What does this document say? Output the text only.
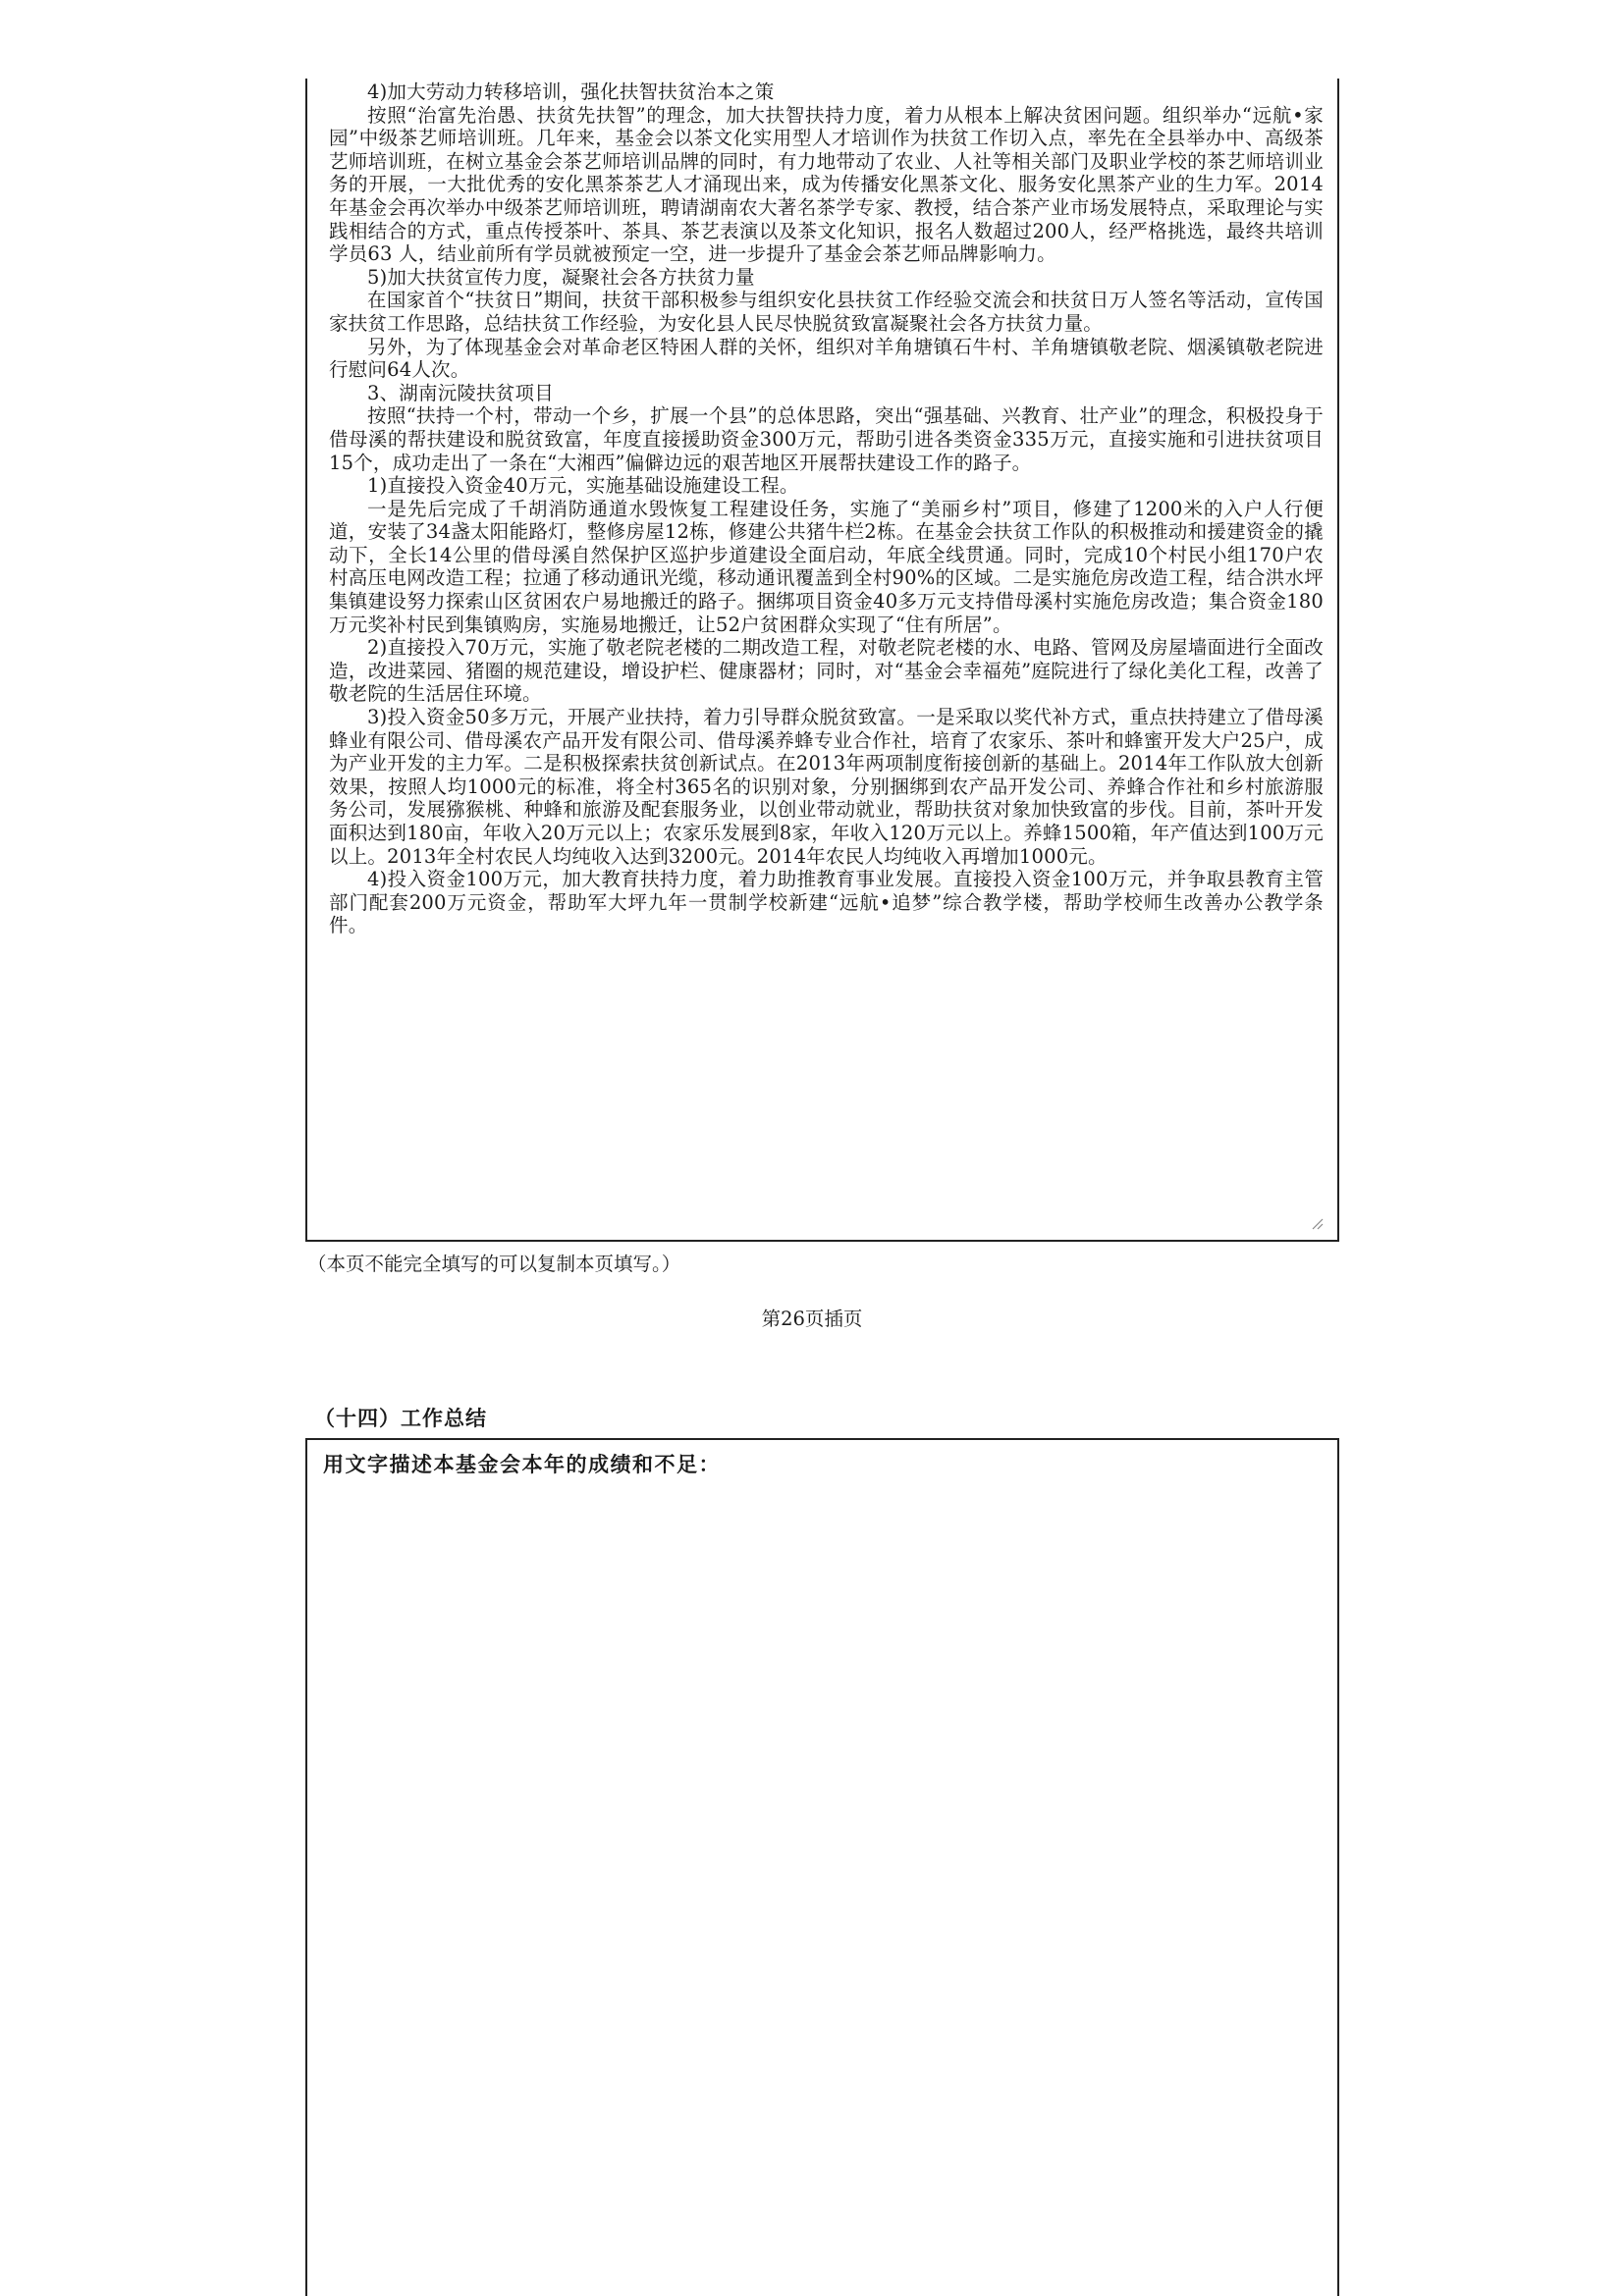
4)加大劳动力转移培训，强化扶智扶贫治本之策

按照“治富先治愚、扶贫先扶智”的理念，加大扶智扶持力度，着力从根本上解决贫困问题。组织举办“远航•家园”中级茶艺师培训班。几年来，基金会以茶文化实用型人才培训作为扶贫工作切入点，率先在全县举办中、高级茶艺师培训班，在树立基金会茶艺师培训品牌的同时，有力地带动了农业、人社等相关部门及职业学校的茶艺师培训业务的开展，一大批优秀的安化黑茶茶艺人才涌现出来，成为传播安化黑茶文化、服务安化黑茶产业的生力军。2014年基金会再次举办中级茶艺师培训班，聘请湖南农大著名茶学专家、教授，结合茶产业市场发展特点，采取理论与实践相结合的方式，重点传授茶叶、茶具、茶艺表演以及茶文化知识，报名人数超过200人，经严格挑选，最终共培训学员63 人，结业前所有学员就被预定一空，进一步提升了基金会茶艺师品牌影响力。

5)加大扶贫宣传力度，凝聚社会各方扶贫力量

在国家首个“扶贫日”期间，扶贫干部积极参与组织安化县扶贫工作经验交流会和扶贫日万人签名等活动，宣传国家扶贫工作思路，总结扶贫工作经验，为安化县人民尽快脱贫致富凝聚社会各方扶贫力量。

另外，为了体现基金会对革命老区特困人群的关怀，组织对羊角塘镇石牛村、羊角塘镇敬老院、烟溪镇敬老院进行慰问64人次。

3、湖南沅陵扶贫项目

按照“扶持一个村，带动一个乡，扩展一个县”的总体思路，突出“强基础、兴教育、壮产业”的理念，积极投身于借母溪的帮扶建设和脱贫致富，年度直接援助资金300万元，帮助引进各类资金335万元，直接实施和引进扶贫项目15个，成功走出了一条在“大湘西”偏僻边远的艰苦地区开展帮扶建设工作的路子。

1)直接投入资金40万元，实施基础设施建设工程。

一是先后完成了千胡消防通道水毁恢复工程建设任务，实施了“美丽乡村”项目，修建了1200米的入户人行便道，安装了34盏太阳能路灯，整修房屋12栋，修建公共猪牛栏2栋。在基金会扶贫工作队的积极推动和援建资金的撬动下，全长14公里的借母溪自然保护区巡护步道建设全面启动，年底全线贯通。同时，完成10个村民小组170户农村高压电网改造工程；拉通了移动通讯光缆，移动通讯覆盖到全村90%的区域。二是实施危房改造工程，结合洪水坪集镇建设努力探索山区贫困农户易地搬迁的路子。捆绑项目资金40多万元支持借母溪村实施危房改造；集合资金180万元奖补村民到集镇购房，实施易地搬迁，让52户贫困群众实现了“住有所居”。

2)直接投入70万元，实施了敬老院老楼的二期改造工程，对敬老院老楼的水、电路、管网及房屋墙面进行全面改造，改进菜园、猪圈的规范建设，增设护栏、健康器材；同时，对“基金会幸福苑”庭院进行了绿化美化工程，改善了敬老院的生活居住环境。

3)投入资金50多万元，开展产业扶持，着力引导群众脱贫致富。一是采取以奖代补方式，重点扶持建立了借母溪蜂业有限公司、借母溪农产品开发有限公司、借母溪养蜂专业合作社，培育了农家乐、茶叶和蜂蜜开发大户25户，成为产业开发的主力军。二是积极探索扶贫创新试点。在2013年两项制度衔接创新的基础上。2014年工作队放大创新效果，按照人均1000元的标准，将全村365名的识别对象，分别捆绑到农产品开发公司、养蜂合作社和乡村旅游服务公司，发展猕猴桃、种蜂和旅游及配套服务业，以创业带动就业，帮助扶贫对象加快致富的步伐。目前，茶叶开发面积达到180亩，年收入20万元以上；农家乐发展到8家，年收入120万元以上。养蜂1500箱，年产值达到100万元以上。2013年全村农民人均纯收入达到3200元。2014年农民人均纯收入再增加1000元。

4)投入资金100万元，加大教育扶持力度，着力助推教育事业发展。直接投入资金100万元，并争取县教育主管部门配套200万元资金，帮助军大坪九年一贯制学校新建“远航•追梦”综合教学楼，帮助学校师生改善办公教学条件。

（本页不能完全填写的可以复制本页填写。）
第26页插页
（十四）工作总结
用文字描述本基金会本年的成绩和不足：
